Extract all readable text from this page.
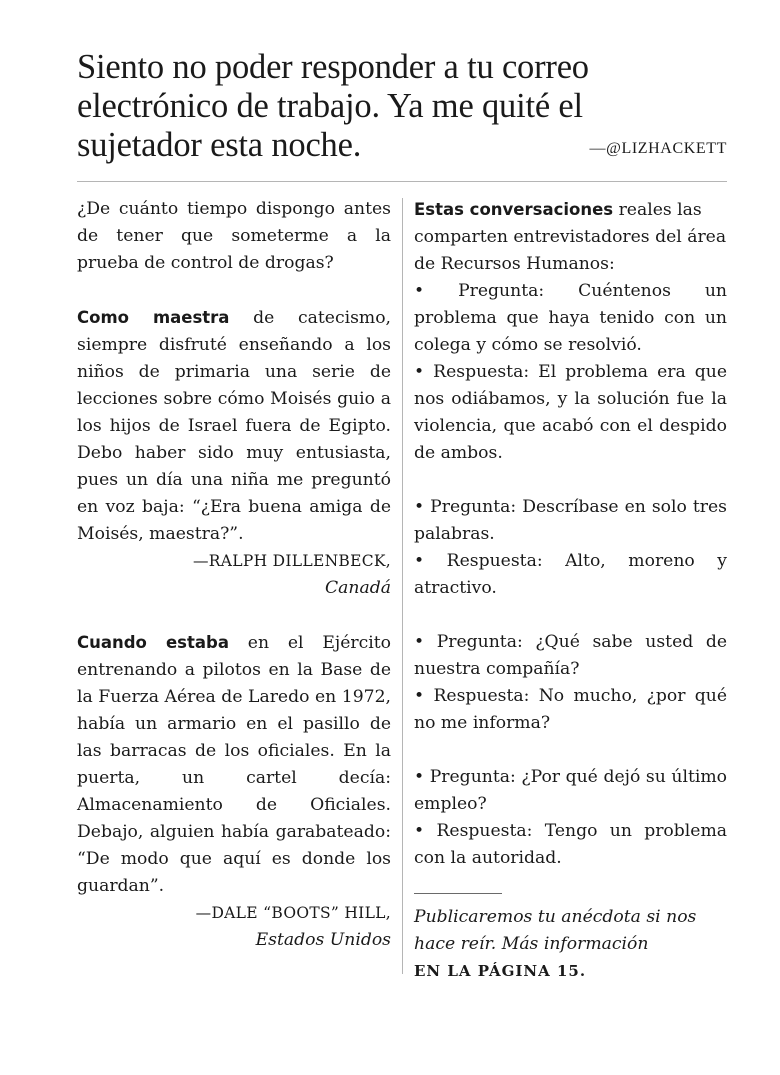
Siento no poder responder a tu correo electrónico de trabajo. Ya me quité el sujetador esta noche.	—@LIZHACKETT

¿De cuánto tiempo dispongo antes de tener que someterme a la prueba de control de drogas?

Como maestra de catecismo, siempre disfruté enseñando a los niños de primaria una serie de lecciones sobre cómo Moisés guio a los hijos de Israel fuera de Egipto. Debo haber sido muy entusiasta, pues un día una niña me preguntó en voz baja: “¿Era buena amiga de Moisés, maestra?”.

—RALPH DILLENBECK,

Canadá

Cuando estaba en el Ejército entrenando a pilotos en la Base de la Fuerza Aérea de Laredo en 1972, había un armario en el pasillo de las barracas de los oficiales. En la puerta, un cartel decía: Almacenamiento de Oficiales. Debajo, alguien había garabateado: “De modo que aquí es donde los guardan”.

—DALE “BOOTS” HILL,

Estados Unidos

Estas conversaciones reales las comparten entrevistadores del área de Recursos Humanos:

• Pregunta: Cuéntenos un problema que haya tenido con un colega y cómo se resolvió.

• Respuesta: El problema era que nos odiábamos, y la solución fue la violencia, que acabó con el despido de ambos.

• Pregunta: Descríbase en solo tres palabras.

• Respuesta: Alto, moreno y atractivo.

• Pregunta: ¿Qué sabe usted de nuestra compañía?

• Respuesta: No mucho, ¿por qué no me informa?

• Pregunta: ¿Por qué dejó su último empleo?

• Respuesta: Tengo un problema con la autoridad.

Publicaremos tu anécdota si nos hace reír. Más información

EN LA PÁGINA 15.
